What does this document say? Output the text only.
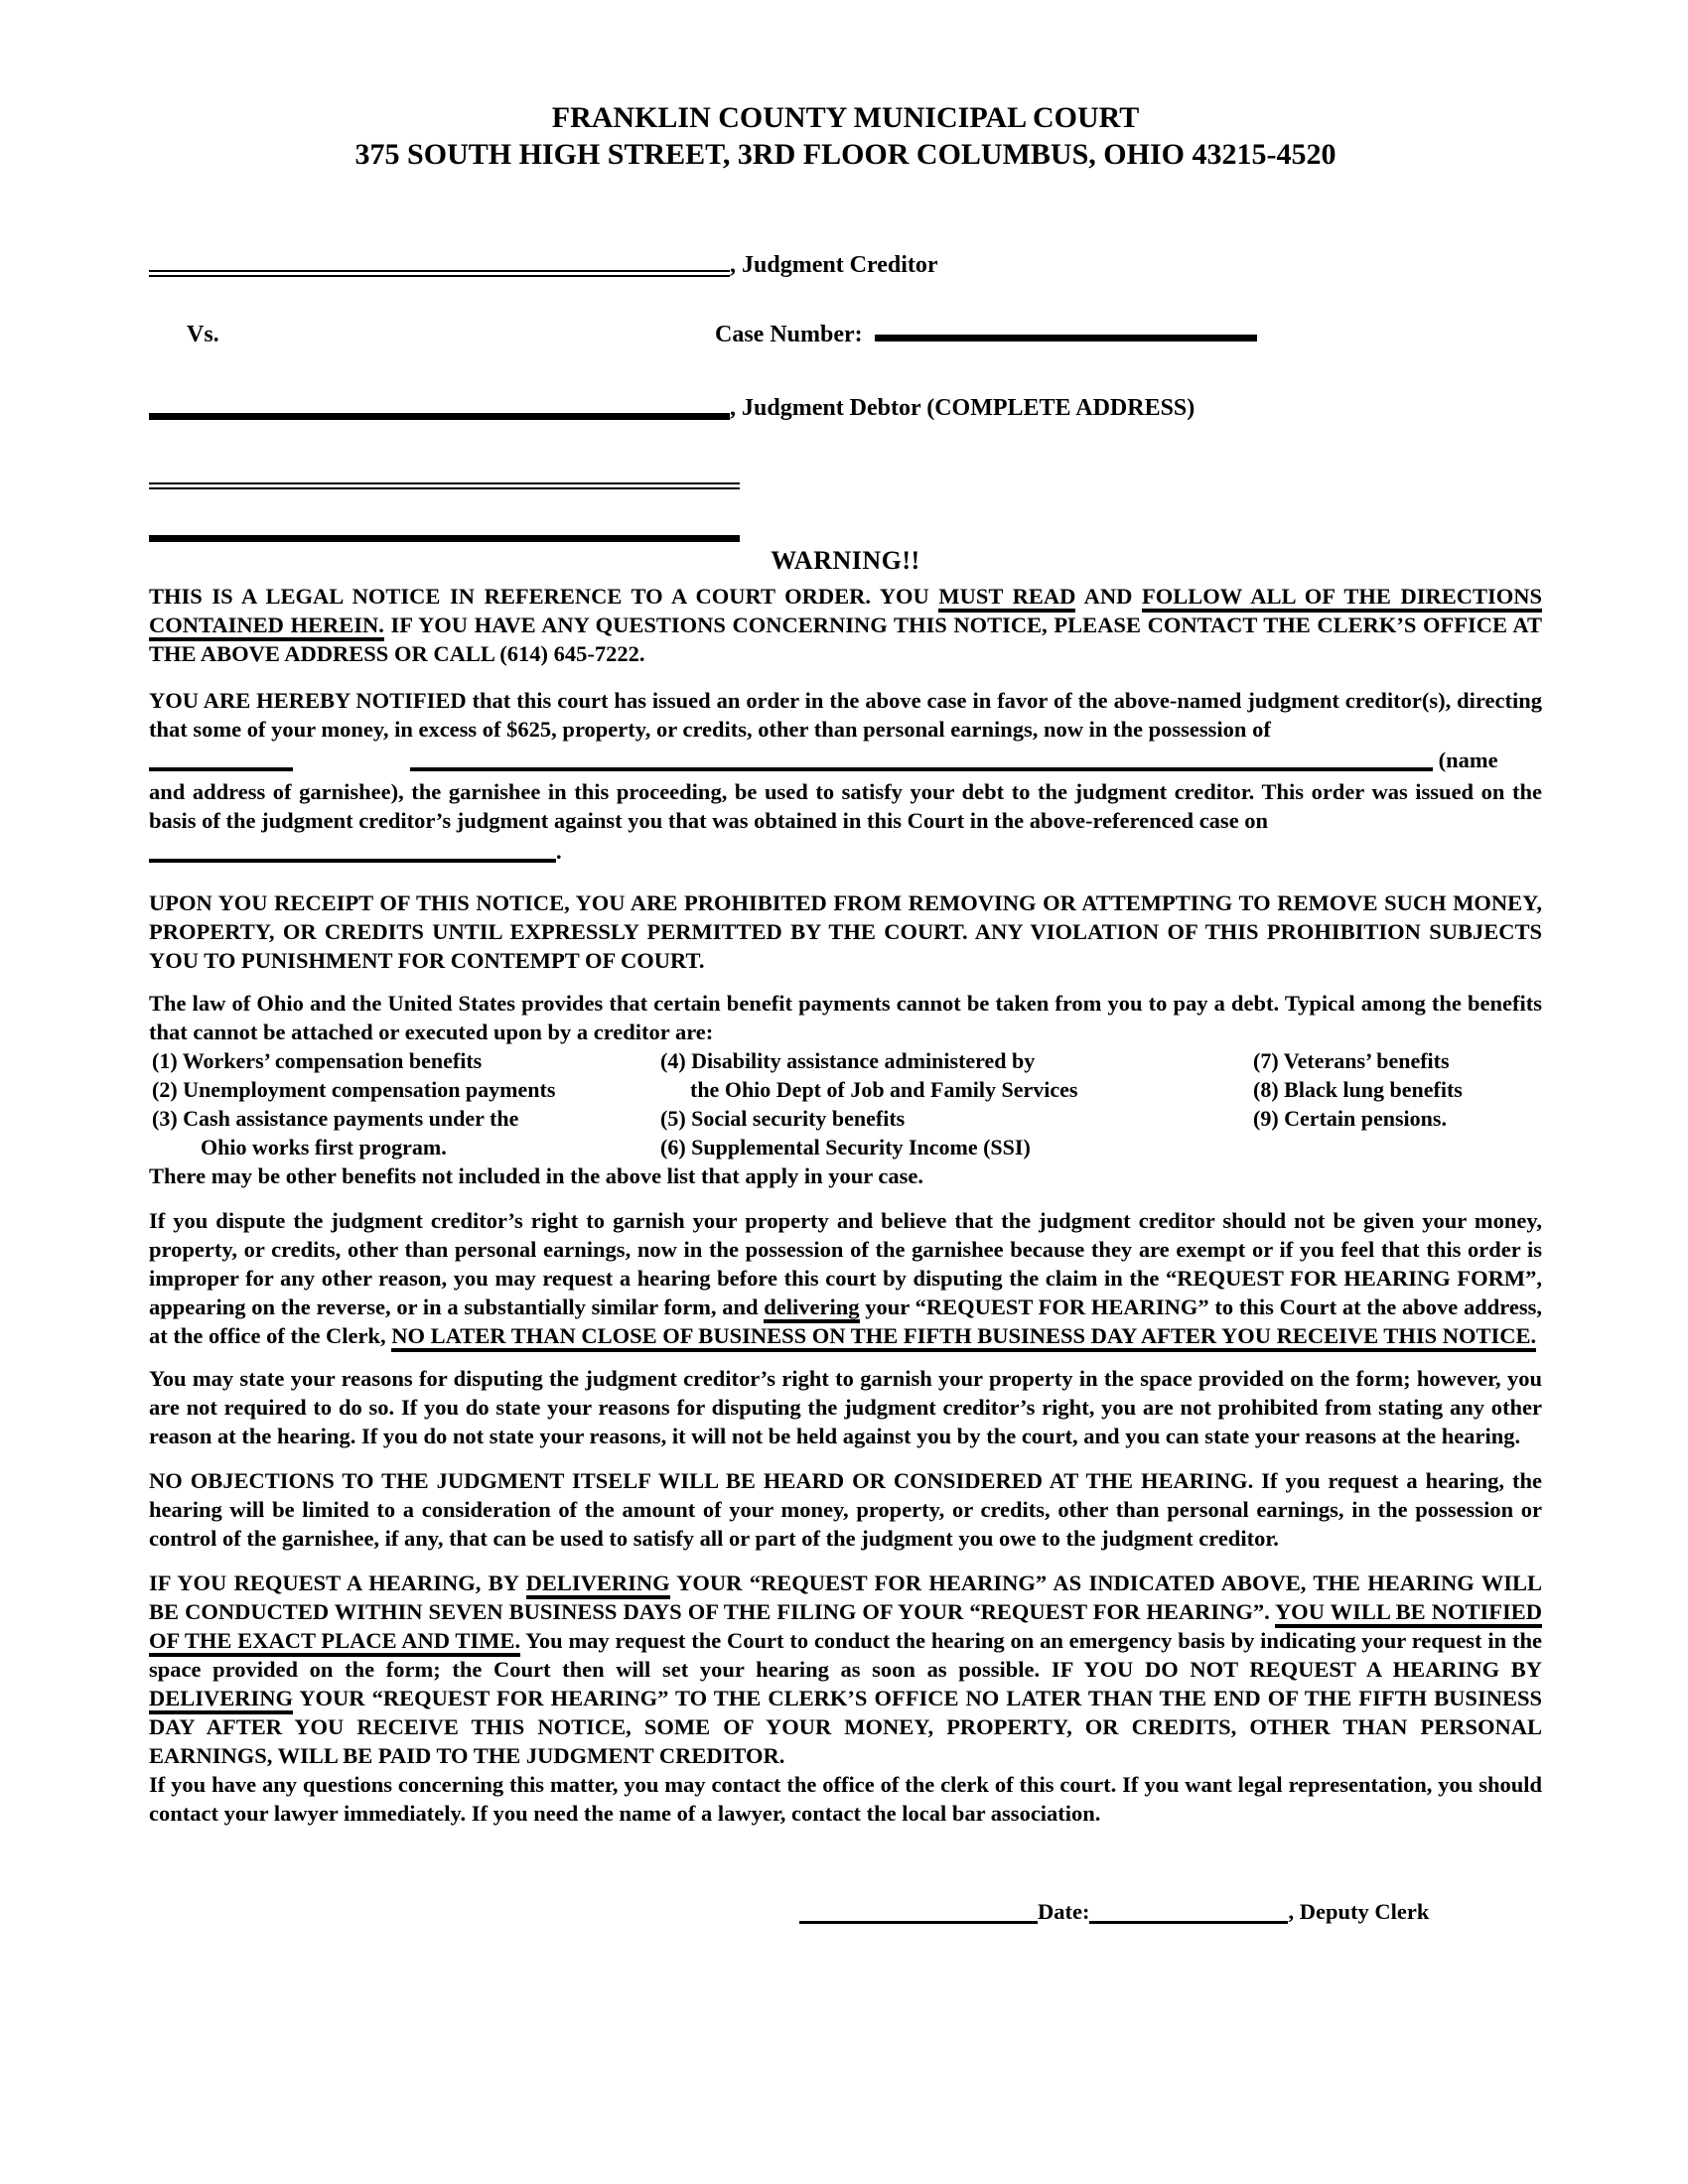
FRANKLIN COUNTY MUNICIPAL COURT
375 SOUTH HIGH STREET, 3RD FLOOR COLUMBUS, OHIO 43215-4520
, Judgment Creditor
Vs.	Case Number:
, Judgment Debtor (COMPLETE ADDRESS)
WARNING!!
THIS IS A LEGAL NOTICE IN REFERENCE TO A COURT ORDER. YOU MUST READ AND FOLLOW ALL OF THE DIRECTIONS CONTAINED HEREIN. IF YOU HAVE ANY QUESTIONS CONCERNING THIS NOTICE, PLEASE CONTACT THE CLERK’S OFFICE AT THE ABOVE ADDRESS OR CALL (614) 645-7222.
YOU ARE HEREBY NOTIFIED that this court has issued an order in the above case in favor of the above-named judgment creditor(s), directing that some of your money, in excess of $625, property, or credits, other than personal earnings, now in the possession of
(name
and address of garnishee), the garnishee in this proceeding, be used to satisfy your debt to the judgment creditor. This order was issued on the basis of the judgment creditor’s judgment against you that was obtained in this Court in the above-referenced case on
.
UPON YOU RECEIPT OF THIS NOTICE, YOU ARE PROHIBITED FROM REMOVING OR ATTEMPTING TO REMOVE SUCH MONEY, PROPERTY, OR CREDITS UNTIL EXPRESSLY PERMITTED BY THE COURT. ANY VIOLATION OF THIS PROHIBITION SUBJECTS YOU TO PUNISHMENT FOR CONTEMPT OF COURT.
The law of Ohio and the United States provides that certain benefit payments cannot be taken from you to pay a debt. Typical among the benefits that cannot be attached or executed upon by a creditor are:
(1) Workers’ compensation benefits	(4) Disability assistance administered by	(7) Veterans’ benefits
(2) Unemployment compensation payments	the Ohio Dept of Job and Family Services	(8) Black lung benefits
(3) Cash assistance payments under the	(5) Social security benefits	(9) Certain pensions.
Ohio works first program.	(6) Supplemental Security Income (SSI)
There may be other benefits not included in the above list that apply in your case.
If you dispute the judgment creditor’s right to garnish your property and believe that the judgment creditor should not be given your money, property, or credits, other than personal earnings, now in the possession of the garnishee because they are exempt or if you feel that this order is improper for any other reason, you may request a hearing before this court by disputing the claim in the “REQUEST FOR HEARING FORM”, appearing on the reverse, or in a substantially similar form, and delivering your “REQUEST FOR HEARING” to this Court at the above address, at the office of the Clerk, NO LATER THAN CLOSE OF BUSINESS ON THE FIFTH BUSINESS DAY AFTER YOU RECEIVE THIS NOTICE.
You may state your reasons for disputing the judgment creditor’s right to garnish your property in the space provided on the form; however, you are not required to do so. If you do state your reasons for disputing the judgment creditor’s right, you are not prohibited from stating any other reason at the hearing. If you do not state your reasons, it will not be held against you by the court, and you can state your reasons at the hearing.
NO OBJECTIONS TO THE JUDGMENT ITSELF WILL BE HEARD OR CONSIDERED AT THE HEARING. If you request a hearing, the hearing will be limited to a consideration of the amount of your money, property, or credits, other than personal earnings, in the possession or control of the garnishee, if any, that can be used to satisfy all or part of the judgment you owe to the judgment creditor.
IF YOU REQUEST A HEARING, BY DELIVERING YOUR “REQUEST FOR HEARING” AS INDICATED ABOVE, THE HEARING WILL BE CONDUCTED WITHIN SEVEN BUSINESS DAYS OF THE FILING OF YOUR “REQUEST FOR HEARING”. YOU WILL BE NOTIFIED OF THE EXACT PLACE AND TIME. You may request the Court to conduct the hearing on an emergency basis by indicating your request in the space provided on the form; the Court then will set your hearing as soon as possible. IF YOU DO NOT REQUEST A HEARING BY DELIVERING YOUR “REQUEST FOR HEARING” TO THE CLERK’S OFFICE NO LATER THAN THE END OF THE FIFTH BUSINESS DAY AFTER YOU RECEIVE THIS NOTICE, SOME OF YOUR MONEY, PROPERTY, OR CREDITS, OTHER THAN PERSONAL EARNINGS, WILL BE PAID TO THE JUDGMENT CREDITOR.
If you have any questions concerning this matter, you may contact the office of the clerk of this court. If you want legal representation, you should contact your lawyer immediately. If you need the name of a lawyer, contact the local bar association.
Date:	, Deputy Clerk
